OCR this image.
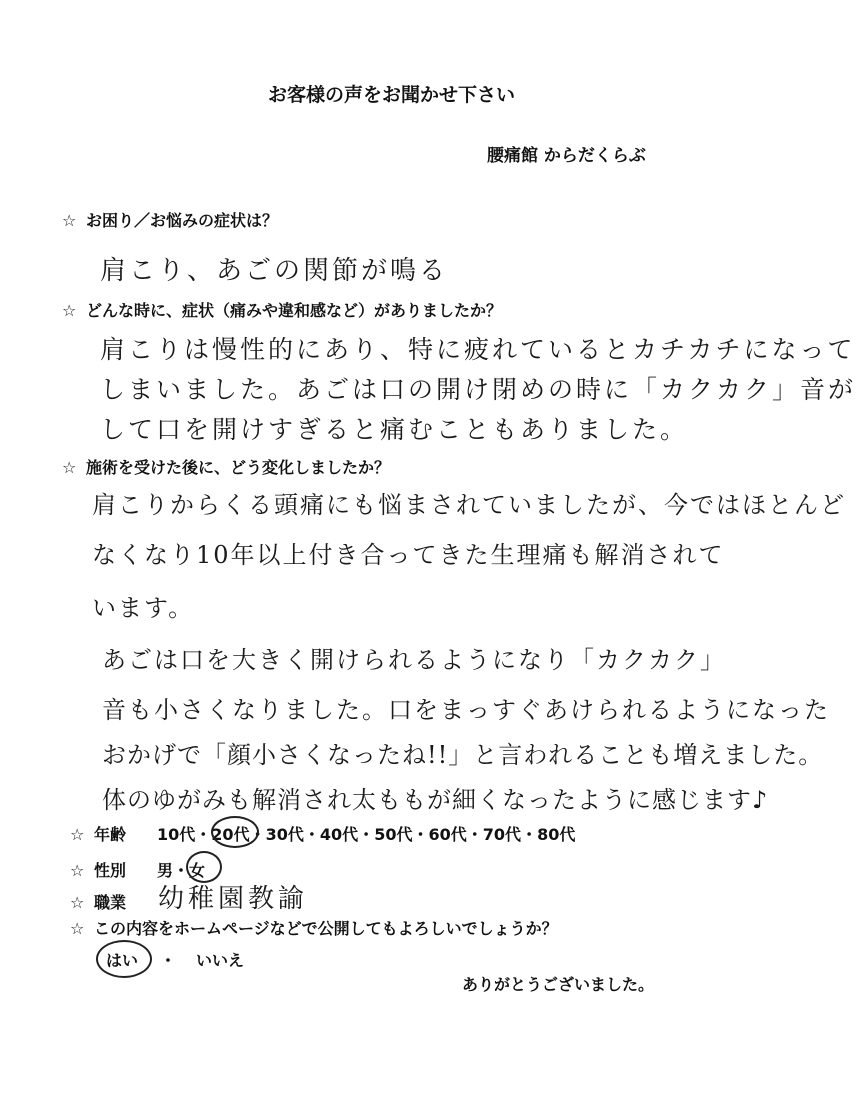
お客様の声をお聞かせ下さい
腰痛館 からだくらぶ
☆ お困り／お悩みの症状は？
肩こり、あごの関節が鳴る
☆ どんな時に、症状（痛みや違和感など）がありましたか？
肩こりは慢性的にあり、特に疲れているとカチカチになって
しまいました。あごは口の開け閉めの時に「カクカク」音が
して口を開けすぎると痛むこともありました。
☆ 施術を受けた後に、どう変化しましたか？
肩こりからくる頭痛にも悩まされていましたが、今ではほとんど
なくなり10年以上付き合ってきた生理痛も解消されて
います。
あごは口を大きく開けられるようになり「カクカク」
音も小さくなりました。口をまっすぐあけられるようになった
おかげで「顔小さくなったね!!」と言われることも増えました。
体のゆがみも解消され太ももが細くなったように感じます♪
☆ 年齢 10代・20代・30代・40代・50代・60代・70代・80代
☆ 性別 男・女
☆ 職業 幼稚園教諭
☆ この内容をホームページなどで公開してもよろしいでしょうか？
はい ・ いいえ
ありがとうございました。
